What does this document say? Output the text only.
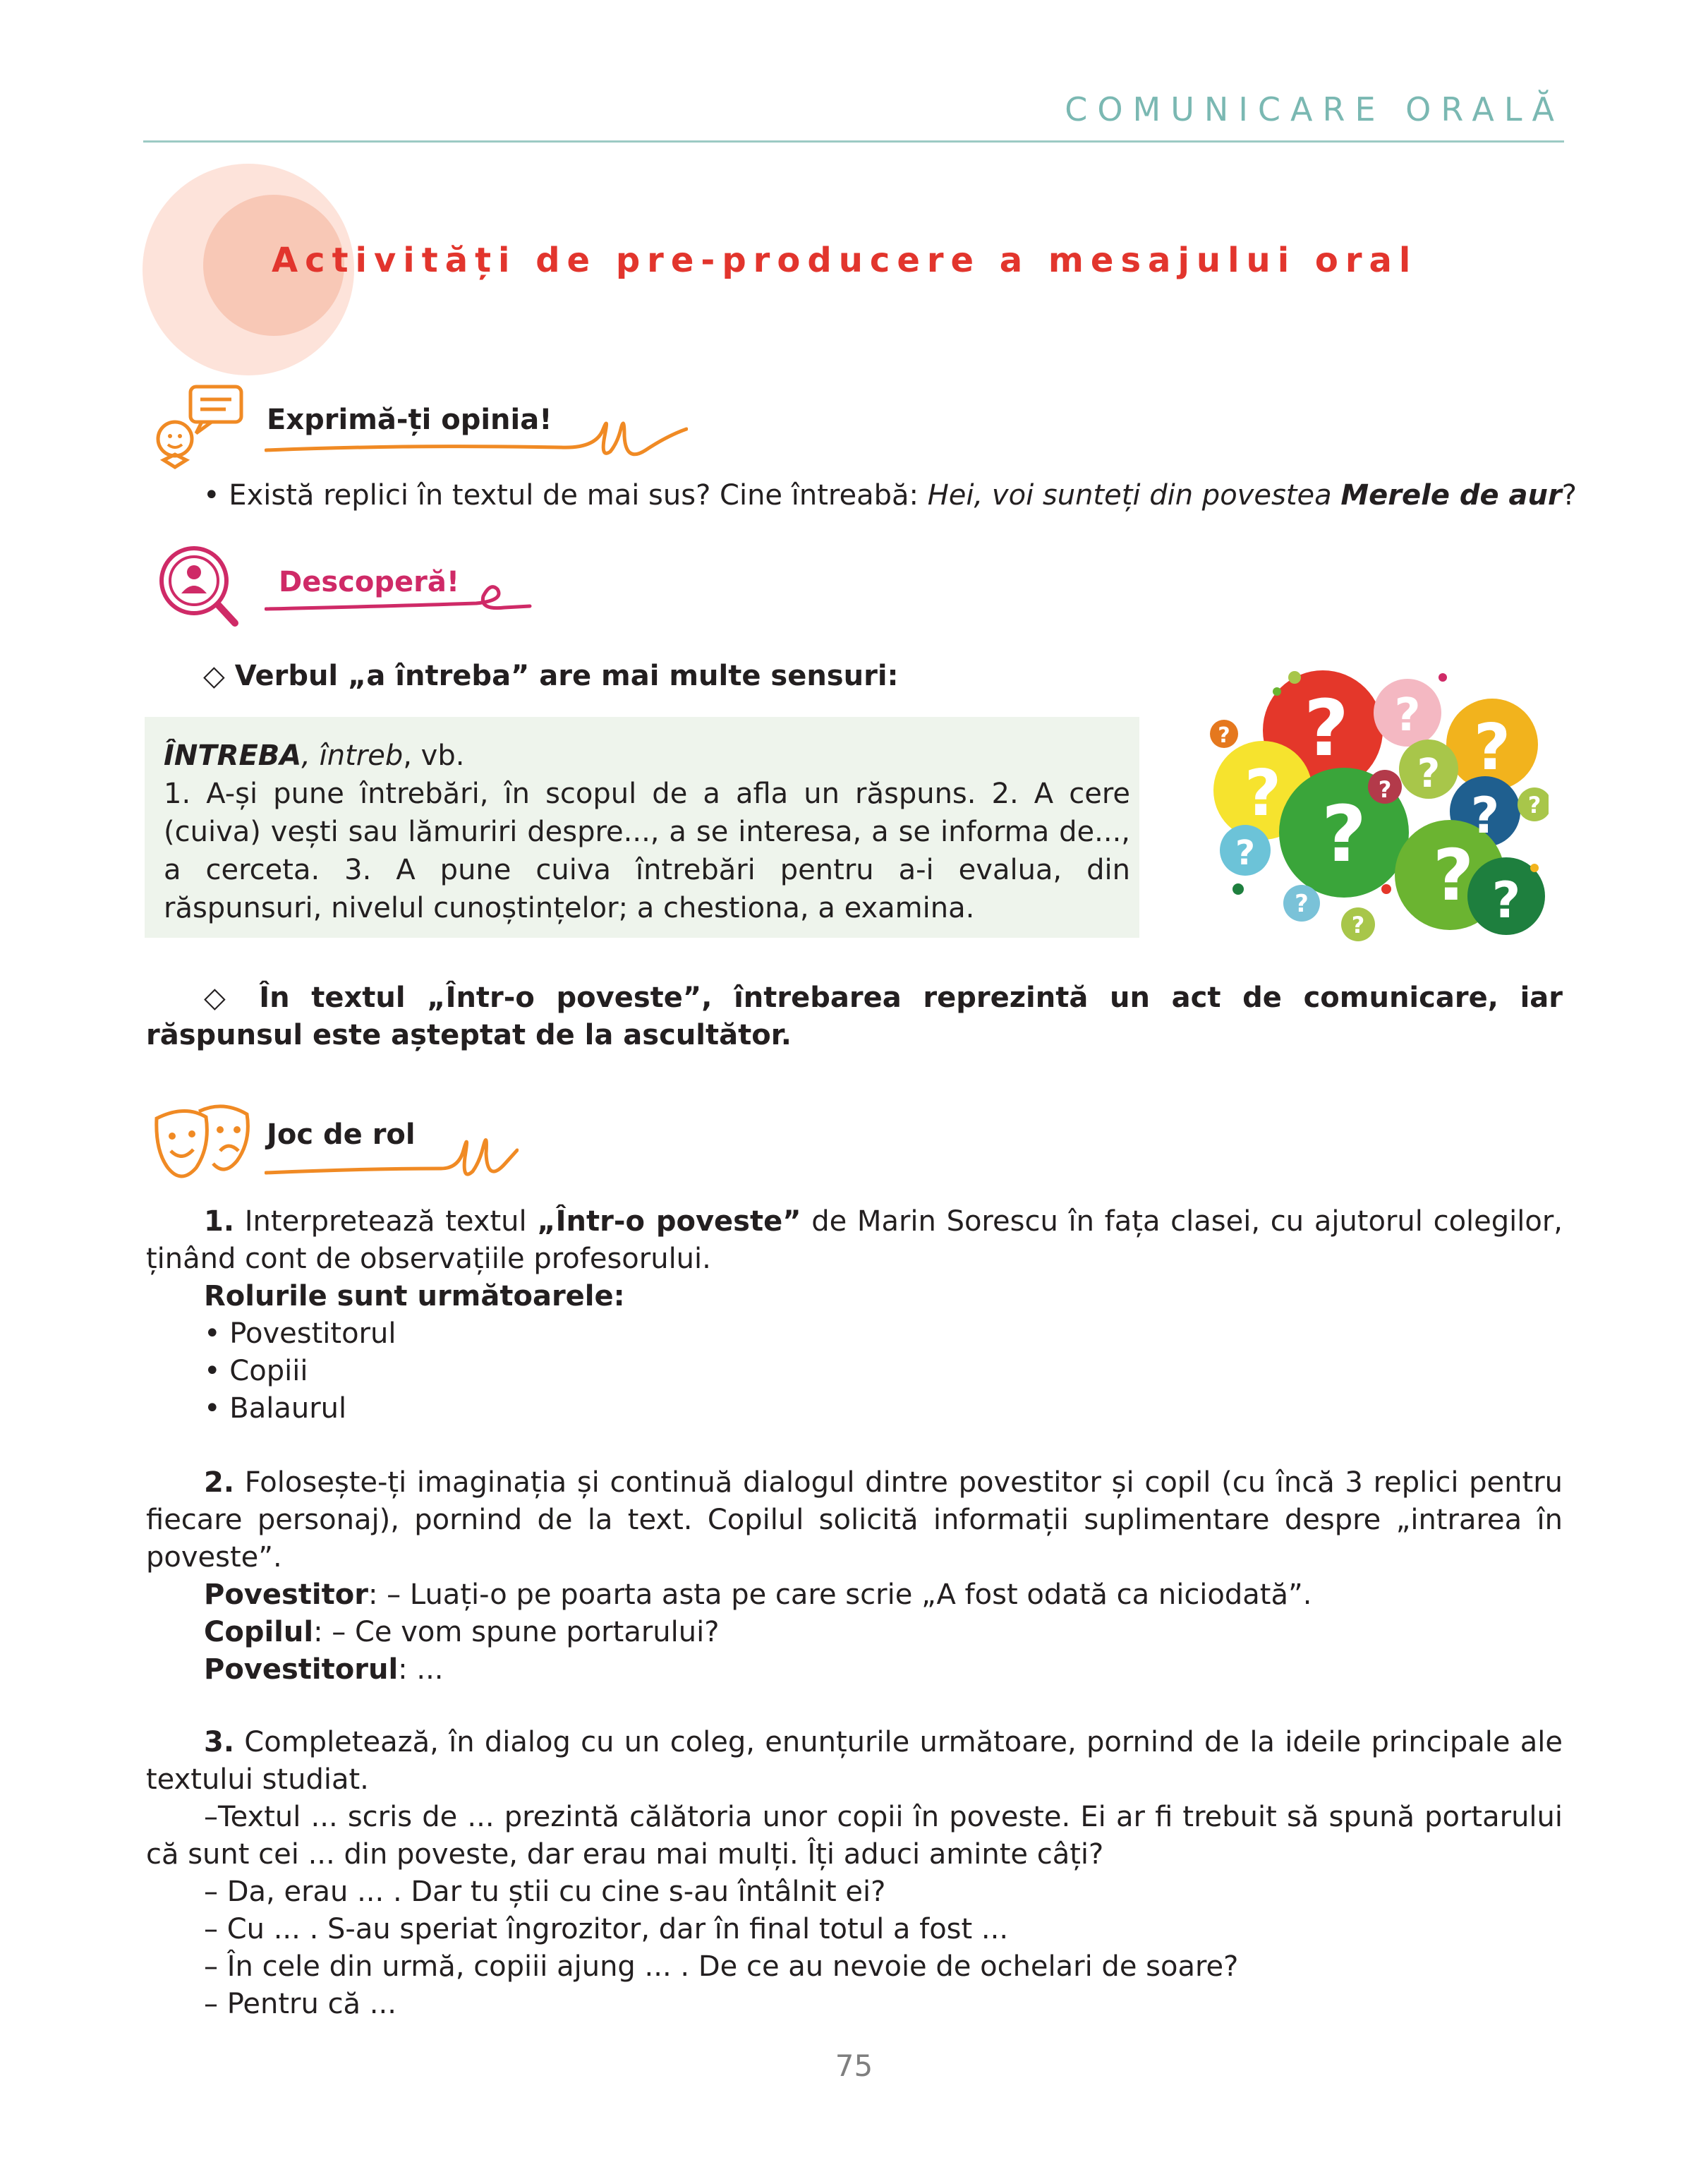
COMUNICARE ORALĂ
Activități de pre-producere a mesajului oral
Exprimă-ți opinia!
• Există replici în textul de mai sus? Cine întreabă: Hei, voi sunteți din povestea Merele de aur?
Descoperă!
◇ Verbul „a întreba” are mai multe sensuri:
ÎNTREBA, întreb, vb.
1. A-și pune întrebări, în scopul de a afla un răspuns. 2. A cere (cuiva) vești sau lămuriri despre..., a se interesa, a se informa de..., a cerceta. 3. A pune cuiva întrebări pentru a-i evalua, din răspunsuri, nivelul cunoștințelor; a chestiona, a examina.
? ? ?
?	?
?
? ? ?
?
?
?
?
?
?
◇ În textul „Într-o poveste”, întrebarea reprezintă un act de comunicare, iar răspunsul este așteptat de la ascultător.
Joc de rol
1. Interpretează textul „Într-o poveste” de Marin Sorescu în fața clasei, cu ajutorul colegilor, ținând cont de observațiile profesorului.
Rolurile sunt următoarele:
• Povestitorul
• Copiii
• Balaurul
2. Folosește-ți imaginația și continuă dialogul dintre povestitor și copil (cu încă 3 replici pentru fiecare personaj), pornind de la text. Copilul solicită informații suplimentare despre „intrarea în poveste”.
Povestitor: – Luați-o pe poarta asta pe care scrie „A fost odată ca niciodată”.
Copilul: – Ce vom spune portarului?
Povestitorul: ...
3. Completează, în dialog cu un coleg, enunțurile următoare, pornind de la ideile principale ale textului studiat.
–Textul ... scris de ... prezintă călătoria unor copii în poveste. Ei ar fi trebuit să spună portarului că sunt cei ... din poveste, dar erau mai mulți. Îți aduci aminte câți?
– Da, erau ... . Dar tu știi cu cine s-au întâlnit ei?
– Cu ... . S-au speriat îngrozitor, dar în final totul a fost ...
– În cele din urmă, copiii ajung ... . De ce au nevoie de ochelari de soare?
– Pentru că ...
75
